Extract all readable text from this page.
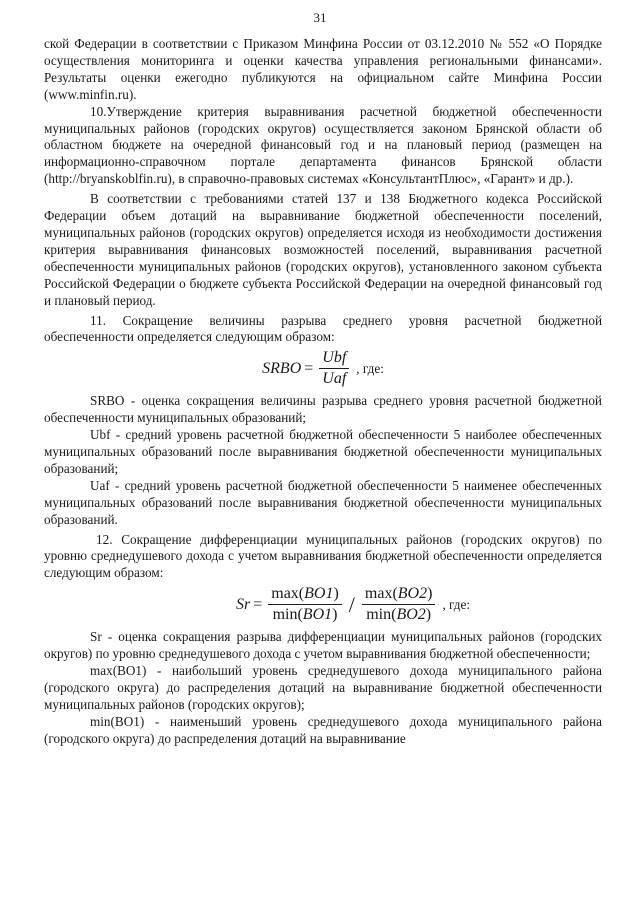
31

ской Федерации в соответствии с Приказом Минфина России от 03.12.2010 № 552 «О Порядке осуществления мониторинга и оценки качества управления региональными финансами». Результаты оценки ежегодно публикуются на официальном сайте Минфина России (www.minfin.ru).

10.Утверждение критерия выравнивания расчетной бюджетной обеспеченности муниципальных районов (городских округов) осуществляется законом Брянской области об областном бюджете на очередной финансовый год и на плановый период (размещен на информационно-справочном портале департамента финансов Брянской области (http://bryanskoblfin.ru), в справочно-правовых системах «КонсультантПлюс», «Гарант» и др.).

В соответствии с требованиями статей 137 и 138 Бюджетного кодекса Российской Федерации объем дотаций на выравнивание бюджетной обеспеченности поселений, муниципальных районов (городских округов) определяется исходя из необходимости достижения критерия выравнивания финансовых возможностей поселений, выравнивания расчетной обеспеченности муниципальных районов (городских округов), установленного законом субъекта Российской Федерации о бюджете субъекта Российской Федерации на очередной финансовый год и плановый период.

11. Сокращение величины разрыва среднего уровня расчетной бюджетной обеспеченности определяется следующим образом:

SRBO = $\frac{\text{Ubf}}{\text{Uaf}}$ , где:

SRBO - оценка сокращения величины разрыва среднего уровня расчетной бюджетной обеспеченности муниципальных образований;

Ubf - средний уровень расчетной бюджетной обеспеченности 5 наиболее обеспеченных муниципальных образований после выравнивания бюджетной обеспеченности муниципальных образований;

Uaf - средний уровень расчетной бюджетной обеспеченности 5 наименее обеспеченных муниципальных образований после выравнивания бюджетной обеспеченности муниципальных образований.

12. Сокращение дифференциации муниципальных районов (городских округов) по уровню среднедушевого дохода с учетом выравнивания бюджетной обеспеченности определяется следующим образом:

$Sr = \frac{\max(BO1)}{\min(BO1)} / \frac{\max(BO2)}{\min(BO2)}$ , где:

Sr - оценка сокращения разрыва дифференциации муниципальных районов (городских округов) по уровню среднедушевого дохода с учетом выравнивания бюджетной обеспеченности;

max(BO1) - наибольший уровень среднедушевого дохода муниципального района (городского округа) до распределения дотаций на выравнивание бюджетной обеспеченности муниципальных районов (городских округов);

min(BO1) - наименьший уровень среднедушевого дохода муниципального района (городского округа) до распределения дотаций на выравнивание
